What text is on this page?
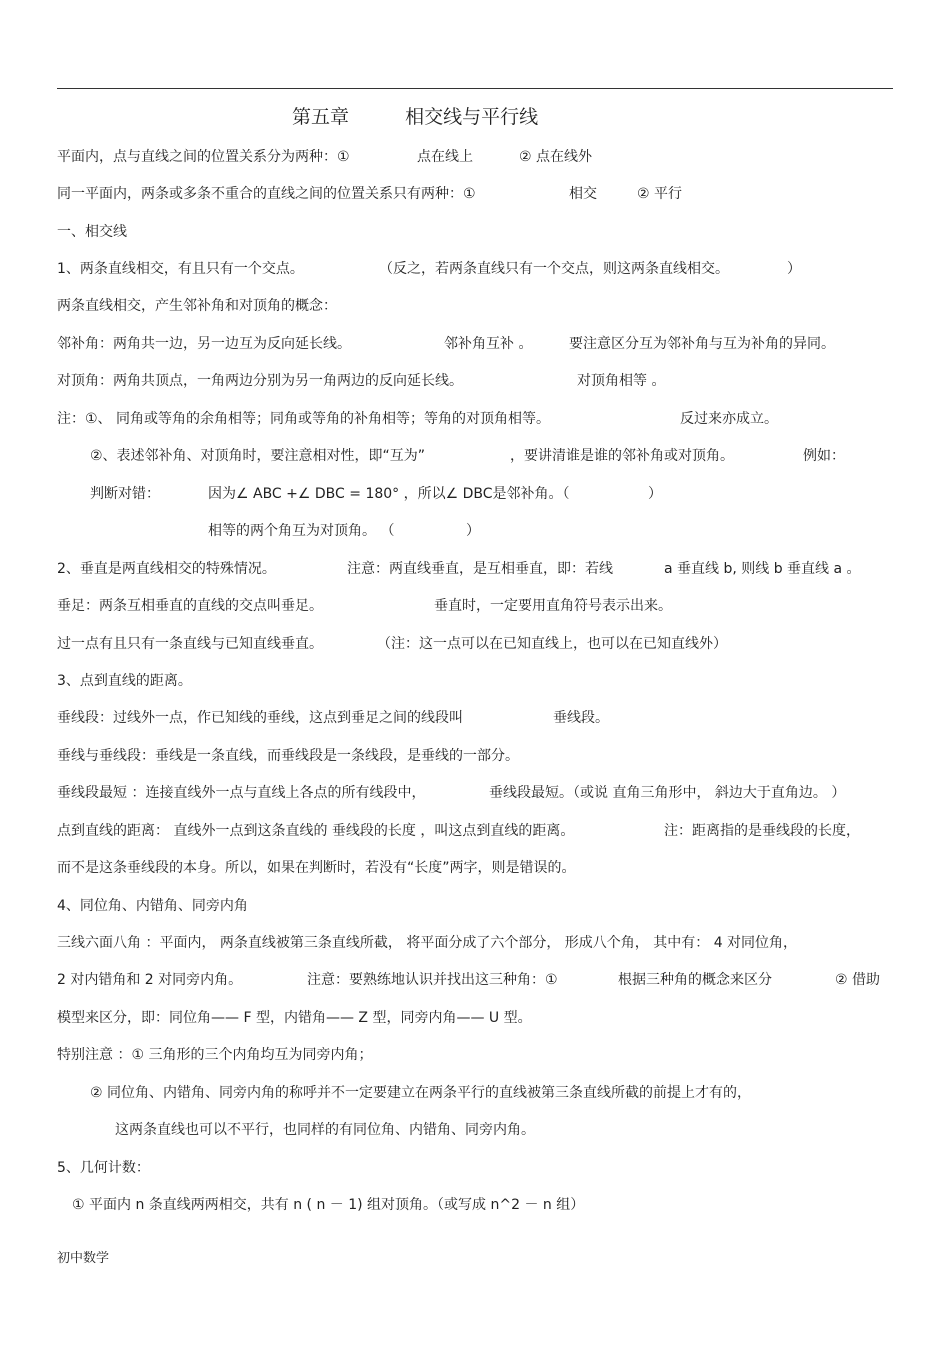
第五章	相交线与平行线
平面内，点与直线之间的位置关系分为两种：①	点在线上	② 点在线外
同一平面内，两条或多条不重合的直线之间的位置关系只有两种：①	相交	② 平行
一、相交线
1、两条直线相交，有且只有一个交点。	（反之，若两条直线只有一个交点，则这两条直线相交。	）
两条直线相交，产生邻补角和对顶角的概念：
邻补角：两角共一边，另一边互为反向延长线。	邻补角互补 。	要注意区分互为邻补角与互为补角的异同。
对顶角：两角共顶点，一角两边分别为另一角两边的反向延长线。	对顶角相等 。
注：①、 同角或等角的余角相等；同角或等角的补角相等；等角的对顶角相等。	反过来亦成立。
②、表述邻补角、对顶角时，要注意相对性，即“互为”	，要讲清谁是谁的邻补角或对顶角。	例如：
判断对错：	因为∠ ABC +∠ DBC = 180° ，所以∠ DBC是邻补角。（	）
相等的两个角互为对顶角。 （	）
2、垂直是两直线相交的特殊情况。	注意：两直线垂直，是互相垂直，即：若线	a 垂直线 b, 则线 b 垂直线 a 。
垂足：两条互相垂直的直线的交点叫垂足。	垂直时，一定要用直角符号表示出来。
过一点有且只有一条直线与已知直线垂直。	（注：这一点可以在已知直线上，也可以在已知直线外）
3、点到直线的距离。
垂线段：过线外一点，作已知线的垂线，这点到垂足之间的线段叫	垂线段。
垂线与垂线段：垂线是一条直线，而垂线段是一条线段，是垂线的一部分。
垂线段最短 ：连接直线外一点与直线上各点的所有线段中，	垂线段最短。（或说 直角三角形中， 斜边大于直角边。 ）
点到直线的距离： 直线外一点到这条直线的 垂线段的长度 ，叫这点到直线的距离。	注：距离指的是垂线段的长度，
而不是这条垂线段的本身。所以，如果在判断时，若没有“长度”两字，则是错误的。
4、同位角、内错角、同旁内角
三线六面八角 ：平面内， 两条直线被第三条直线所截， 将平面分成了六个部分， 形成八个角， 其中有： 4 对同位角，
2 对内错角和 2 对同旁内角。	注意：要熟练地认识并找出这三种角：①	根据三种角的概念来区分	② 借助
模型来区分，即：同位角—— F 型，内错角—— Z 型，同旁内角—— U 型。
特别注意 ：① 三角形的三个内角均互为同旁内角；
② 同位角、内错角、同旁内角的称呼并不一定要建立在两条平行的直线被第三条直线所截的前提上才有的，
这两条直线也可以不平行，也同样的有同位角、内错角、同旁内角。
5、几何计数：
① 平面内 n 条直线两两相交，共有 n ( n － 1) 组对顶角。（或写成 n^2 － n 组）
初中数学
